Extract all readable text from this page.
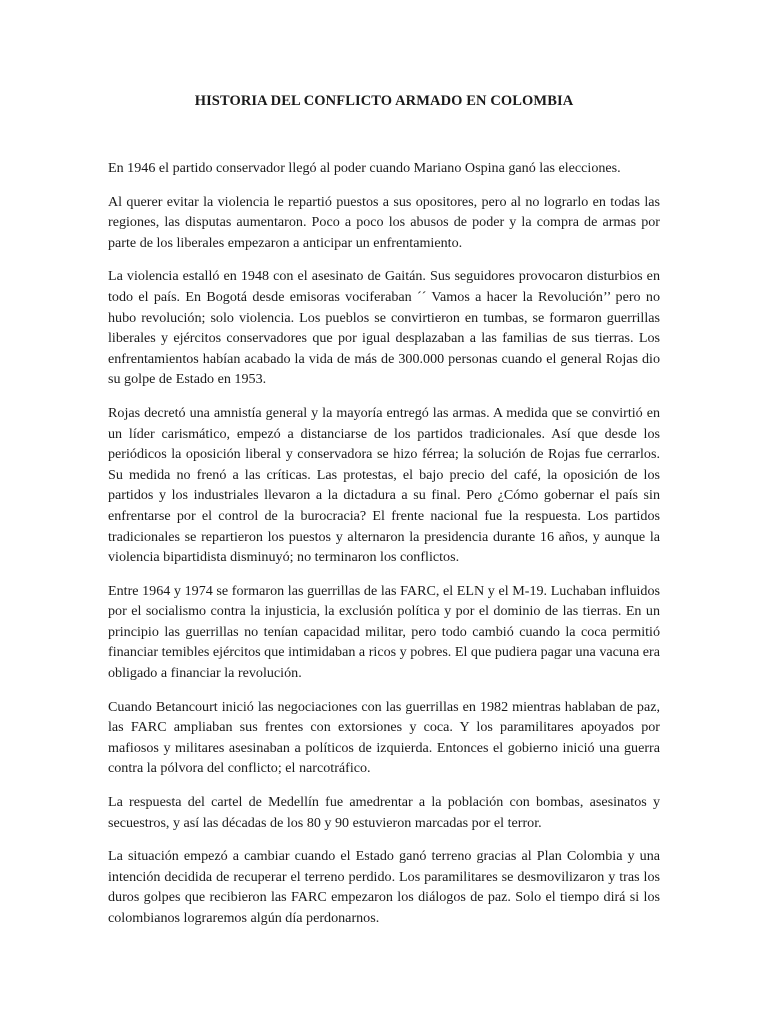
HISTORIA DEL CONFLICTO ARMADO EN COLOMBIA

En 1946 el partido conservador llegó al poder cuando Mariano Ospina ganó las elecciones.

Al querer evitar la violencia le repartió puestos a sus opositores, pero al no lograrlo en todas las regiones, las disputas aumentaron. Poco a poco los abusos de poder y la compra de armas por parte de los liberales empezaron a anticipar un enfrentamiento.

La violencia estalló en 1948 con el asesinato de Gaitán. Sus seguidores provocaron disturbios en todo el país. En Bogotá desde emisoras vociferaban ´´ Vamos a hacer la Revolución’’ pero no hubo revolución; solo violencia. Los pueblos se convirtieron en tumbas, se formaron guerrillas liberales y ejércitos conservadores que por igual desplazaban a las familias de sus tierras. Los enfrentamientos habían acabado la vida de más de 300.000 personas cuando el general Rojas dio su golpe de Estado en 1953.

Rojas decretó una amnistía general y la mayoría entregó las armas. A medida que se convirtió en un líder carismático, empezó a distanciarse de los partidos tradicionales. Así que desde los periódicos la oposición liberal y conservadora se hizo férrea; la solución de Rojas fue cerrarlos. Su medida no frenó a las críticas. Las protestas, el bajo precio del café, la oposición de los partidos y los industriales llevaron a la dictadura a su final. Pero ¿Cómo gobernar el país sin enfrentarse por el control de la burocracia? El frente nacional fue la respuesta. Los partidos tradicionales se repartieron los puestos y alternaron la presidencia durante 16 años, y aunque la violencia bipartidista disminuyó; no terminaron los conflictos.

Entre 1964 y 1974 se formaron las guerrillas de las FARC, el ELN y el M-19. Luchaban influidos por el socialismo contra la injusticia, la exclusión política y por el dominio de las tierras. En un principio las guerrillas no tenían capacidad militar, pero todo cambió cuando la coca permitió financiar temibles ejércitos que intimidaban a ricos y pobres. El que pudiera pagar una vacuna era obligado a financiar la revolución.

Cuando Betancourt inició las negociaciones con las guerrillas en 1982 mientras hablaban de paz, las FARC ampliaban sus frentes con extorsiones y coca. Y los paramilitares apoyados por mafiosos y militares asesinaban a políticos de izquierda. Entonces el gobierno inició una guerra contra la pólvora del conflicto; el narcotráfico.

La respuesta del cartel de Medellín fue amedrentar a la población con bombas, asesinatos y secuestros, y así las décadas de los 80 y 90 estuvieron marcadas por el terror.

La situación empezó a cambiar cuando el Estado ganó terreno gracias al Plan Colombia y una intención decidida de recuperar el terreno perdido. Los paramilitares se desmovilizaron y tras los duros golpes que recibieron las FARC empezaron los diálogos de paz. Solo el tiempo dirá si los colombianos lograremos algún día perdonarnos.
